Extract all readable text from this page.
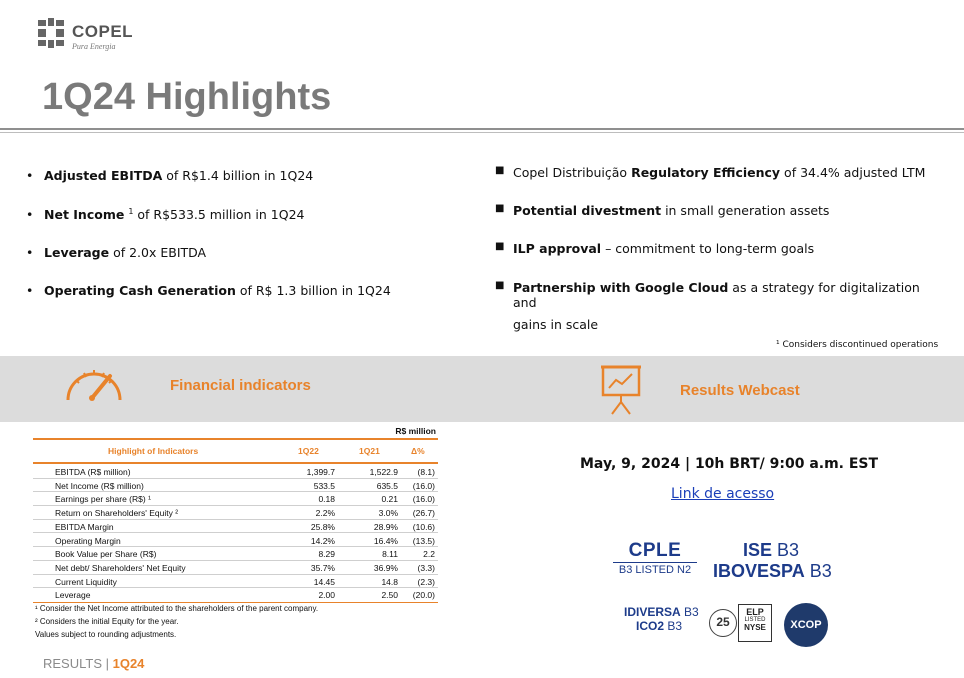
COPEL
Pura Energia
1Q24 Highlights
• Adjusted EBITDA of R$1.4 billion in 1Q24
• Net Income $^1$ of R$533.5 million in 1Q24
• Leverage of 2.0x EBITDA
• Operating Cash Generation of R$ 1.3 billion in 1Q24
■ Copel Distribuição Regulatory Efficiency of 34.4% adjusted LTM
■ Potential divestment in small generation assets
■ ILP approval – commitment to long-term goals
■ Partnership with Google Cloud as a strategy for digitalization and
gains in scale
¹ Considers discontinued operations
Financial indicators	Results Webcast
R$ million
Highlight of Indicators	1Q22	1Q21	Δ%
EBITDA (R$ million)	1,399.7	1,522.9 (8.1)
Net Income (R$ million)	533.5	635.5 (16.0)
Earnings per share (R$) ¹	0.18	0.21 (16.0)
Return on Shareholders' Equity ²	2.2%	3.0% (26.7)
EBITDA Margin	25.8%	28.9% (10.6)
Operating Margin	14.2%	16.4% (13.5)
Book Value per Share (R$)	8.29	8.11	2.2
Net debt/ Shareholders' Net Equity	35.7%	36.9% (3.3)
Current Liquidity	14.45	14.8 (2.3)
Leverage	2.00	2.50 (20.0)
¹ Consider the Net Income attributed to the shareholders of the parent company.
² Considers the initial Equity for the year.
Values subject to rounding adjustments.
May, 9, 2024 | 10h BRT/ 9:00 a.m. EST
Link de acesso
CPLE
B3 LISTED N2
ISE B3
IBOVESPA B3
IDIVERSA B3
ICO2 B3	25
ELP
LISTED
NYSE	XCOP
RESULTS | 1Q24
